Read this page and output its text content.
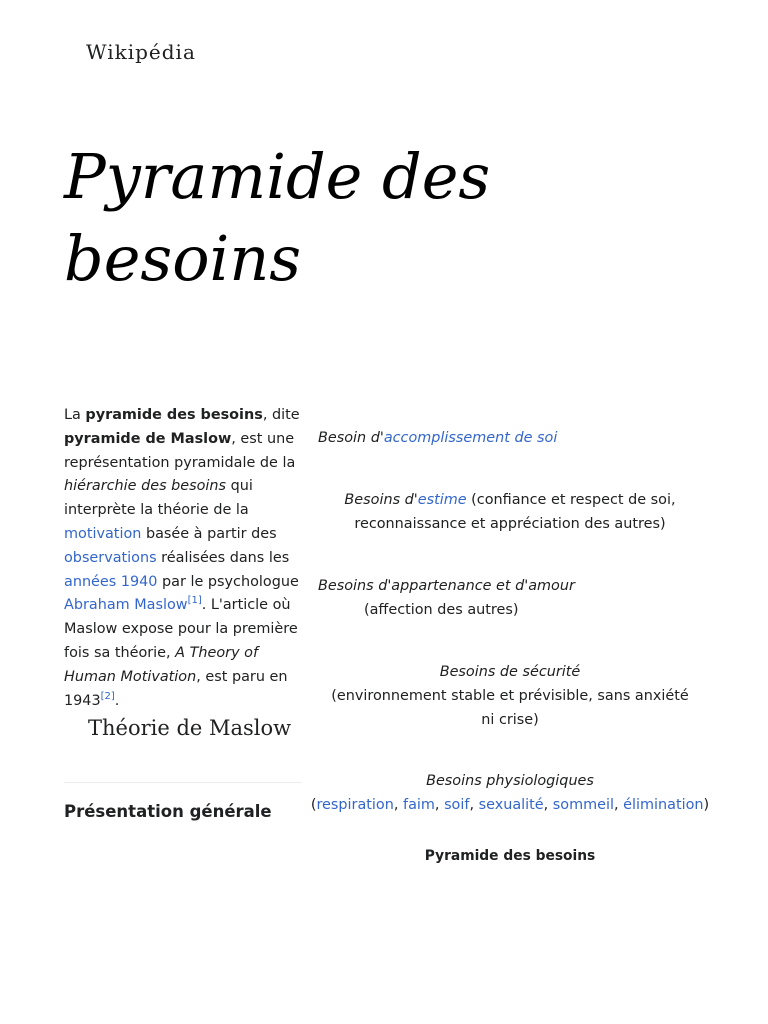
Wikipédia
Pyramide des besoins
La pyramide des besoins, dite pyramide de Maslow, est une représentation pyramidale de la hiérarchie des besoins qui interprète la théorie de la motivation basée à partir des observations réalisées dans les années 1940 par le psychologue Abraham Maslow[1]. L'article où Maslow expose pour la première fois sa théorie, A Theory of Human Motivation, est paru en 1943[2].
Théorie de Maslow
Présentation générale
Besoin d'accomplissement de soi
Besoins d'estime (confiance et respect de soi, reconnaissance et appréciation des autres)
Besoins d'appartenance et d'amour
(affection des autres)
Besoins de sécurité
(environnement stable et prévisible, sans anxiété ni crise)
Besoins physiologiques
(respiration, faim, soif, sexualité, sommeil, élimination)
Pyramide des besoins
